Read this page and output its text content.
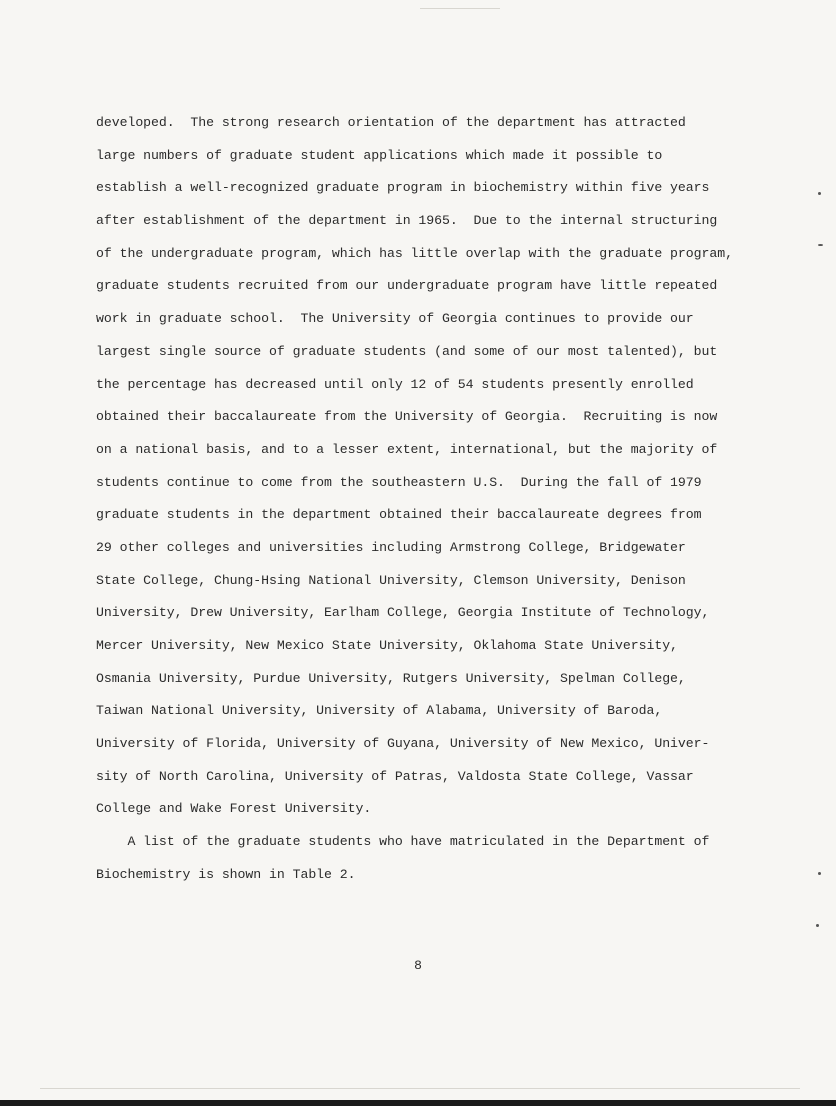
developed.  The strong research orientation of the department has attracted
large numbers of graduate student applications which made it possible to
establish a well-recognized graduate program in biochemistry within five years
after establishment of the department in 1965.  Due to the internal structuring
of the undergraduate program, which has little overlap with the graduate program,
graduate students recruited from our undergraduate program have little repeated
work in graduate school.  The University of Georgia continues to provide our
largest single source of graduate students (and some of our most talented), but
the percentage has decreased until only 12 of 54 students presently enrolled
obtained their baccalaureate from the University of Georgia.  Recruiting is now
on a national basis, and to a lesser extent, international, but the majority of
students continue to come from the southeastern U.S.  During the fall of 1979
graduate students in the department obtained their baccalaureate degrees from
29 other colleges and universities including Armstrong College, Bridgewater
State College, Chung-Hsing National University, Clemson University, Denison
University, Drew University, Earlham College, Georgia Institute of Technology,
Mercer University, New Mexico State University, Oklahoma State University,
Osmania University, Purdue University, Rutgers University, Spelman College,
Taiwan National University, University of Alabama, University of Baroda,
University of Florida, University of Guyana, University of New Mexico, Univer-
sity of North Carolina, University of Patras, Valdosta State College, Vassar
College and Wake Forest University.
A list of the graduate students who have matriculated in the Department of
Biochemistry is shown in Table 2.
8
